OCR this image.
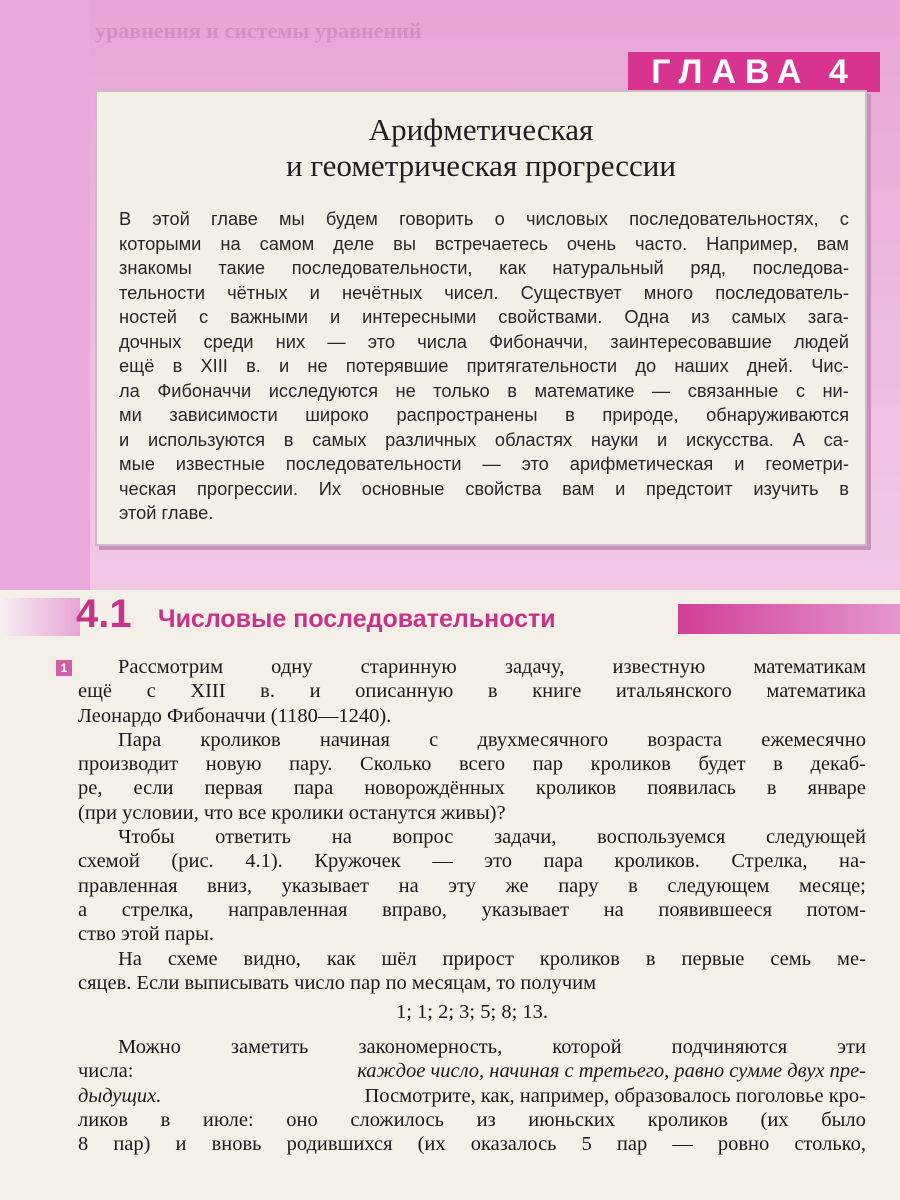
уравнения и системы уравнений
ГЛАВА 4
Арифметическая
и геометрическая прогрессии
В этой главе мы будем говорить о числовых последовательностях, с
которыми на самом деле вы встречаетесь очень часто. Например, вам
знакомы такие последовательности, как натуральный ряд, последова-
тельности чётных и нечётных чисел. Существует много последователь-
ностей с важными и интересными свойствами. Одна из самых зага-
дочных среди них — это числа Фибоначчи, заинтересовавшие людей
ещё в XIII в. и не потерявшие притягательности до наших дней. Чис-
ла Фибоначчи исследуются не только в математике — связанные с ни-
ми зависимости широко распространены в природе, обнаруживаются
и используются в самых различных областях науки и искусства. А са-
мые известные последовательности — это арифметическая и геометри-
ческая прогрессии. Их основные свойства вам и предстоит изучить в
этой главе.
4.1 Числовые последовательности
1 Рассмотрим одну старинную задачу, известную математикам
ещё с XIII в. и описанную в книге итальянского математика
Леонардо Фибоначчи (1180—1240).
Пара кроликов начиная с двухмесячного возраста ежемесячно
производит новую пару. Сколько всего пар кроликов будет в декаб-
ре, если первая пара новорождённых кроликов появилась в январе
(при условии, что все кролики останутся живы)?
Чтобы ответить на вопрос задачи, воспользуемся следующей
схемой (рис. 4.1). Кружочек — это пара кроликов. Стрелка, на-
правленная вниз, указывает на эту же пару в следующем месяце;
а стрелка, направленная вправо, указывает на появившееся потом-
ство этой пары.
На схеме видно, как шёл прирост кроликов в первые семь ме-
сяцев. Если выписывать число пар по месяцам, то получим
1; 1; 2; 3; 5; 8; 13.
Можно заметить закономерность, которой подчиняются эти
числа:	каждое число, начиная с третьего, равно сумме двух пре-
дыдущих.	Посмотрите, как, например, образовалось поголовье кро-
ликов в июле: оно сложилось из июньских кроликов (их было
8 пар) и вновь родившихся (их оказалось 5 пар — ровно столько,
